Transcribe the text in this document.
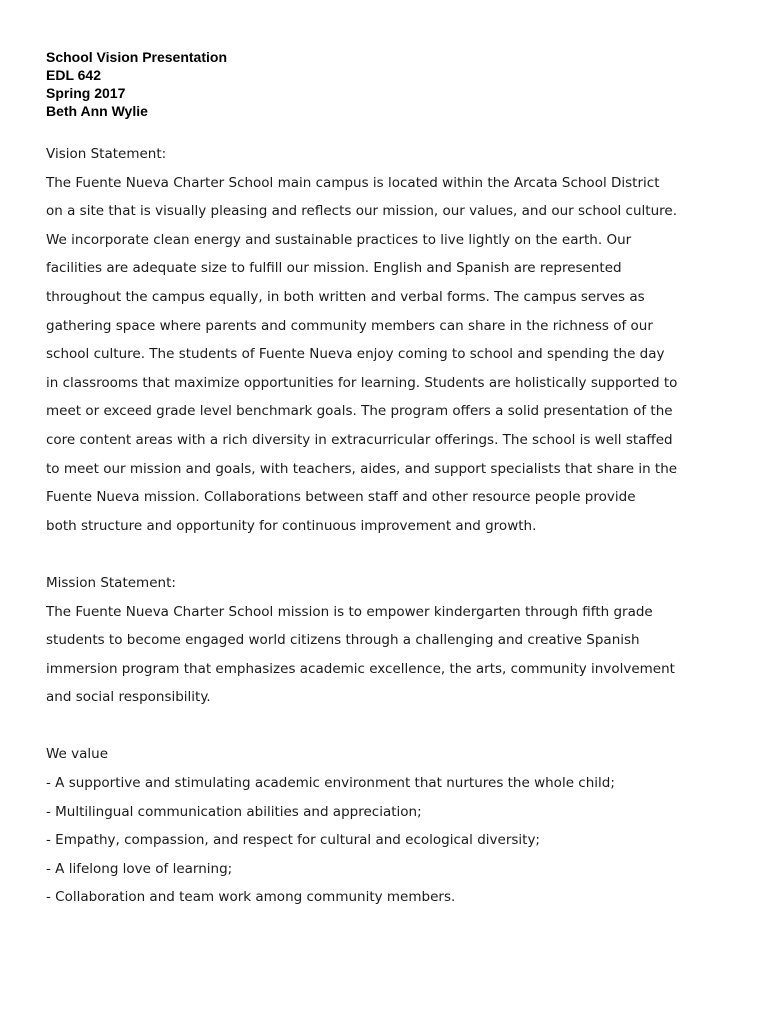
School Vision Presentation
EDL 642
Spring 2017
Beth Ann Wylie
Vision Statement:
The Fuente Nueva Charter School main campus is located within the Arcata School District
on a site that is visually pleasing and reflects our mission, our values, and our school culture.
We incorporate clean energy and sustainable practices to live lightly on the earth. Our
facilities are adequate size to fulfill our mission. English and Spanish are represented
throughout the campus equally, in both written and verbal forms. The campus serves as
gathering space where parents and community members can share in the richness of our
school culture. The students of Fuente Nueva enjoy coming to school and spending the day
in classrooms that maximize opportunities for learning. Students are holistically supported to
meet or exceed grade level benchmark goals. The program offers a solid presentation of the
core content areas with a rich diversity in extracurricular offerings. The school is well staffed
to meet our mission and goals, with teachers, aides, and support specialists that share in the
Fuente Nueva mission. Collaborations between staff and other resource people provide
both structure and opportunity for continuous improvement and growth.
Mission Statement:
The Fuente Nueva Charter School mission is to empower kindergarten through fifth grade
students to become engaged world citizens through a challenging and creative Spanish
immersion program that emphasizes academic excellence, the arts, community involvement
and social responsibility.
We value
- A supportive and stimulating academic environment that nurtures the whole child;
- Multilingual communication abilities and appreciation;
- Empathy, compassion, and respect for cultural and ecological diversity;
- A lifelong love of learning;
- Collaboration and team work among community members.
